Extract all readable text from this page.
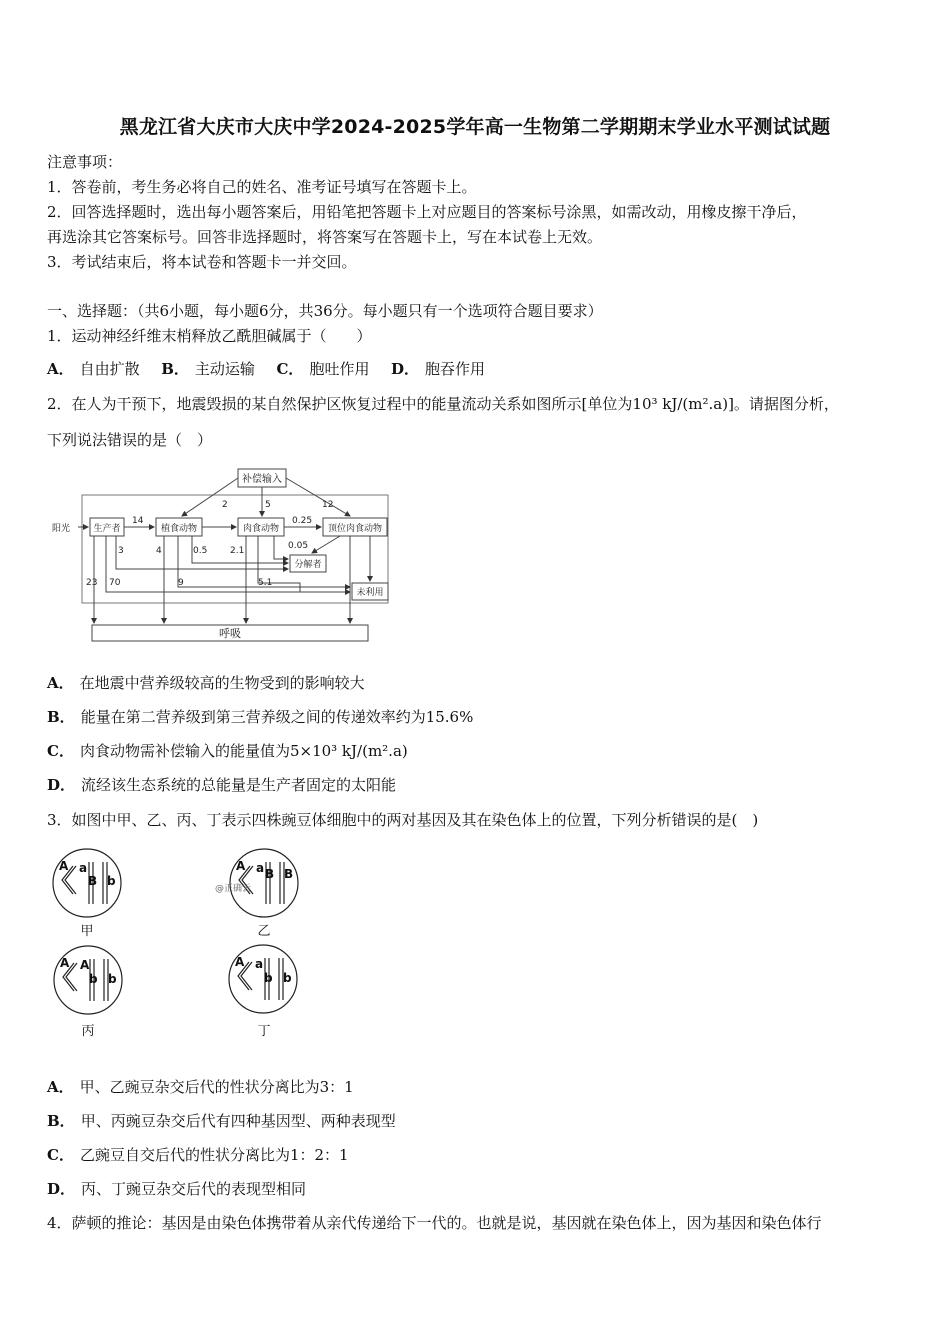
黑龙江省大庆市大庆中学2024-2025学年高一生物第二学期期末学业水平测试试题
注意事项：
1．答卷前，考生务必将自己的姓名、准考证号填写在答题卡上。
2．回答选择题时，选出每小题答案后，用铅笔把答题卡上对应题目的答案标号涂黑，如需改动，用橡皮擦干净后，
再选涂其它答案标号。回答非选择题时，将答案写在答题卡上，写在本试卷上无效。
3．考试结束后，将本试卷和答题卡一并交回。
一、选择题：（共6小题，每小题6分，共36分。每小题只有一个选项符合题目要求）
1．运动神经纤维末梢释放乙酰胆碱属于（　　）
A． 自由扩散 B． 主动运输 C． 胞吐作用 D． 胞吞作用
2．在人为干预下，地震毁损的某自然保护区恢复过程中的能量流动关系如图所示[单位为10³ kJ/(m².a)]。请据图分析，
下列说法错误的是（　）
补偿输入
阳光	生产者	植食动物	肉食动物	顶位肉食动物
分解者
未利用
呼吸
2	5	12
14	0.25
3	4	0.5	2.1	0.05
23 70	9	5.1
A． 在地震中营养级较高的生物受到的影响较大
B． 能量在第二营养级到第三营养级之间的传递效率约为15.6%
C． 肉食动物需补偿输入的能量值为5×10³ kJ/(m².a)
D． 流经该生态系统的总能量是生产者固定的太阳能
3．如图中甲、乙、丙、丁表示四株豌豆体细胞中的两对基因及其在染色体上的位置，下列分析错误的是(　)
A a
B b
A a B B
A A
b b
A a
b b
@正确云
甲	乙
丙	丁
A． 甲、乙豌豆杂交后代的性状分离比为3：1
B． 甲、丙豌豆杂交后代有四种基因型、两种表现型
C． 乙豌豆自交后代的性状分离比为1：2：1
D． 丙、丁豌豆杂交后代的表现型相同
4．萨顿的推论：基因是由染色体携带着从亲代传递给下一代的。也就是说，基因就在染色体上，因为基因和染色体行
